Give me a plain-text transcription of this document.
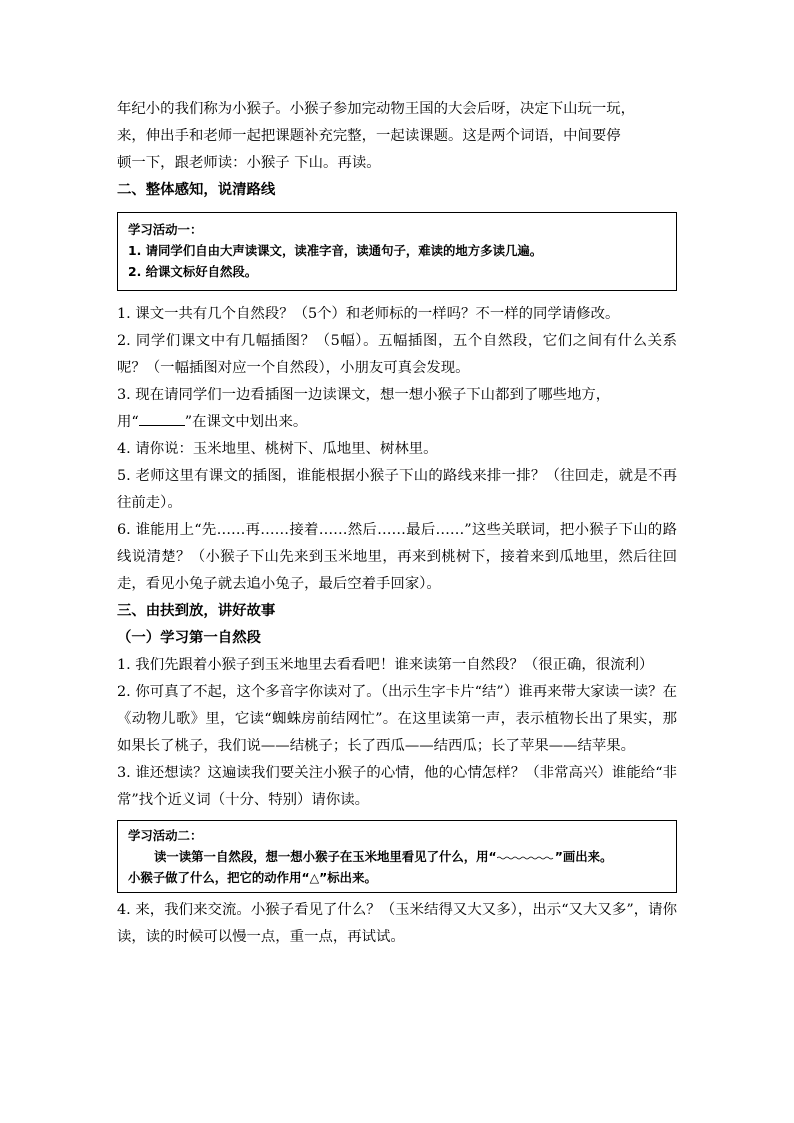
年纪小的我们称为小猴子。小猴子参加完动物王国的大会后呀，决定下山玩一玩，

来，伸出手和老师一起把课题补充完整，一起读课题。这是两个词语，中间要停

顿一下，跟老师读：小猴子 下山。再读。

二、整体感知，说清路线

学习活动一：

1. 请同学们自由大声读课文，读准字音，读通句子，难读的地方多读几遍。

2. 给课文标好自然段。

1. 课文一共有几个自然段？（5个）和老师标的一样吗？不一样的同学请修改。

2. 同学们课文中有几幅插图？（5幅）。五幅插图，五个自然段，它们之间有什么关系呢？（一幅插图对应一个自然段），小朋友可真会发现。

3. 现在请同学们一边看插图一边读课文，想一想小猴子下山都到了哪些地方，

用“	”在课文中划出来。

4. 请你说：玉米地里、桃树下、瓜地里、树林里。

5. 老师这里有课文的插图，谁能根据小猴子下山的路线来排一排？（往回走，就是不再往前走）。

6. 谁能用上“先……再……接着……然后……最后……”这些关联词，把小猴子下山的路线说清楚？（小猴子下山先来到玉米地里，再来到桃树下，接着来到瓜地里，然后往回走，看见小兔子就去追小兔子，最后空着手回家）。

三、由扶到放，讲好故事

（一）学习第一自然段

1. 我们先跟着小猴子到玉米地里去看看吧！谁来读第一自然段？（很正确，很流利）

2. 你可真了不起，这个多音字你读对了。（出示生字卡片“结”）谁再来带大家读一读？在《动物儿歌》里，它读“蜘蛛房前结网忙”。在这里读第一声，表示植物长出了果实，那如果长了桃子，我们说——结桃子；长了西瓜——结西瓜；长了苹果——结苹果。

3. 谁还想读？这遍读我们要关注小猴子的心情，他的心情怎样？（非常高兴）谁能给“非常”找个近义词（十分、特别）请你读。

学习活动二：

读一读第一自然段，想一想小猴子在玉米地里看见了什么，用“	”画出来。

小猴子做了什么，把它的动作用“△”标出来。

4. 来，我们来交流。小猴子看见了什么？（玉米结得又大又多），出示“又大又多”，请你读，读的时候可以慢一点，重一点，再试试。
